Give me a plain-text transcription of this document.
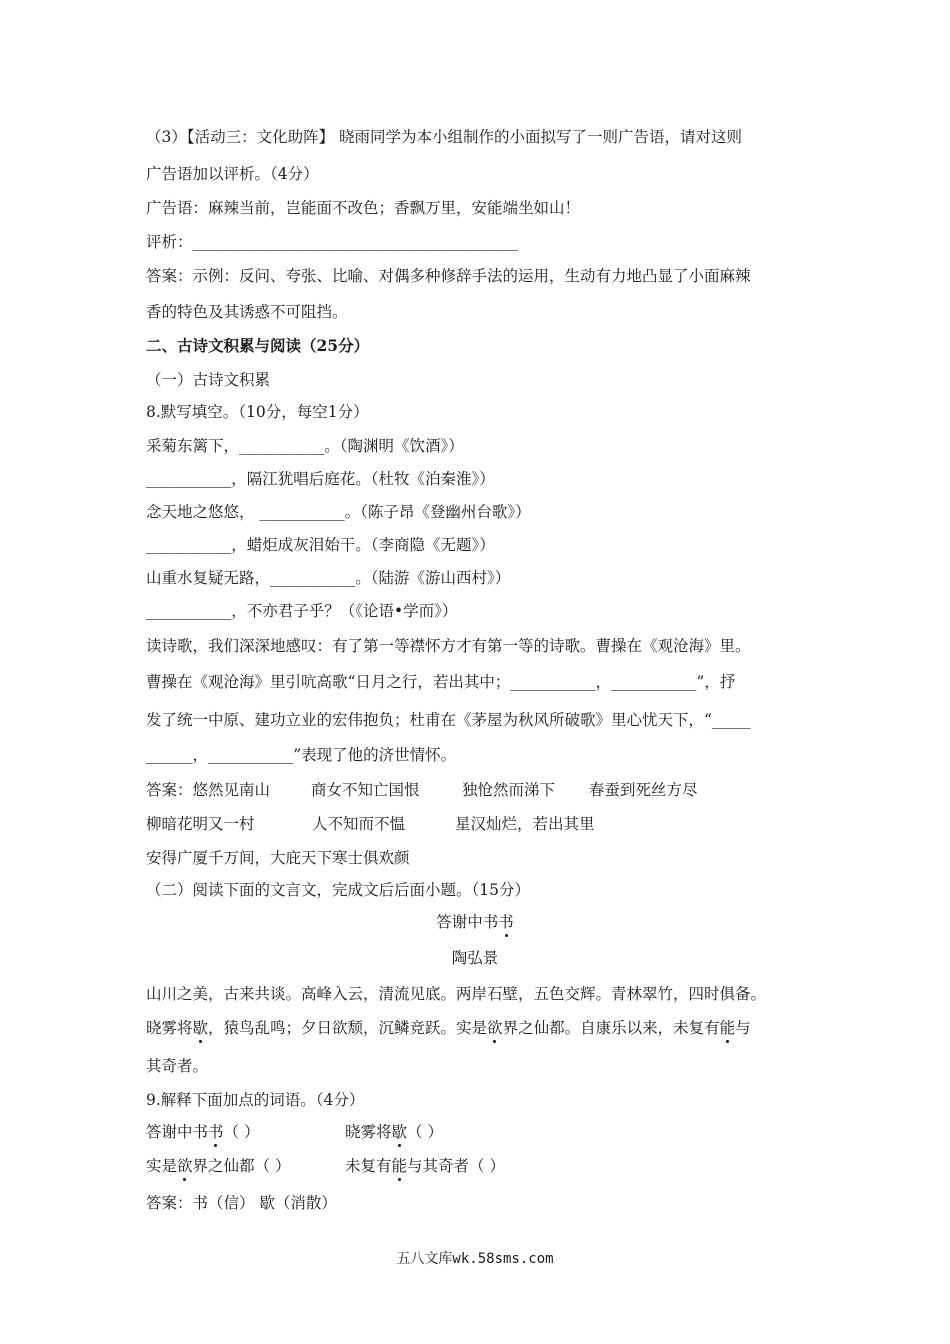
（3）【活动三：文化助阵】 晓雨同学为本小组制作的小面拟写了一则广告语，请对这则
广告语加以评析。（4分）
广告语：麻辣当前，岂能面不改色；香飘万里，安能端坐如山！
评析：__________________________________________
答案：示例：反问、夸张、比喻、对偶多种修辞手法的运用，生动有力地凸显了小面麻辣
香的特色及其诱惑不可阻挡。
二、古诗文积累与阅读（25分）
（一）古诗文积累
8.默写填空。（10分，每空1分）
采菊东篱下，___________。（陶渊明《饮酒》）
___________，隔江犹唱后庭花。（杜牧《泊秦淮》）
念天地之悠悠， ___________。（陈子昂《登幽州台歌》）
___________，蜡炬成灰泪始干。（李商隐《无题》）
山重水复疑无路，___________。（陆游《游山西村》）
___________，不亦君子乎？（《论语•学而》）
读诗歌，我们深深地感叹：有了第一等襟怀方才有第一等的诗歌。曹操在《观沧海》里。
曹操在《观沧海》里引吭高歌“日月之行，若出其中；___________，___________”，抒
发了统一中原、建功立业的宏伟抱负；杜甫在《茅屋为秋风所破歌》里心忧天下，“_____
______，___________”表现了他的济世情怀。
答案：悠然见南山	商女不知亡国恨	独怆然而涕下 春蚕到死丝方尽
柳暗花明又一村	人不知而不愠	星汉灿烂，若出其里
安得广厦千万间，大庇天下寒士俱欢颜
（二）阅读下面的文言文，完成文后后面小题。（15分）
答谢中书书
陶弘景
山川之美，古来共谈。高峰入云，清流见底。两岸石壁，五色交辉。青林翠竹，四时俱备。
晓雾将歇，猿鸟乱鸣；夕日欲颓，沉鳞竞跃。实是欲界之仙都。自康乐以来，未复有能与
其奇者。
9.解释下面加点的词语。（4分）
答谢中书书（ ）	晓雾将歇（ ）
实是欲界之仙都（ ）	未复有能与其奇者（ ）
答案：书（信） 歇（消散）
五八文库wk.58sms.com
